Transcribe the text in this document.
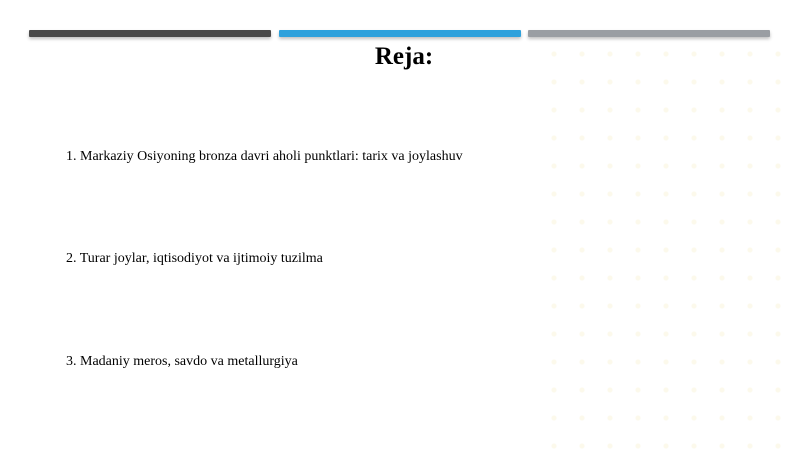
Reja:
1. Markaziy Osiyoning bronza davri aholi punktlari: tarix va joylashuv
2. Turar joylar, iqtisodiyot va ijtimoiy tuzilma
3. Madaniy meros, savdo va metallurgiya
